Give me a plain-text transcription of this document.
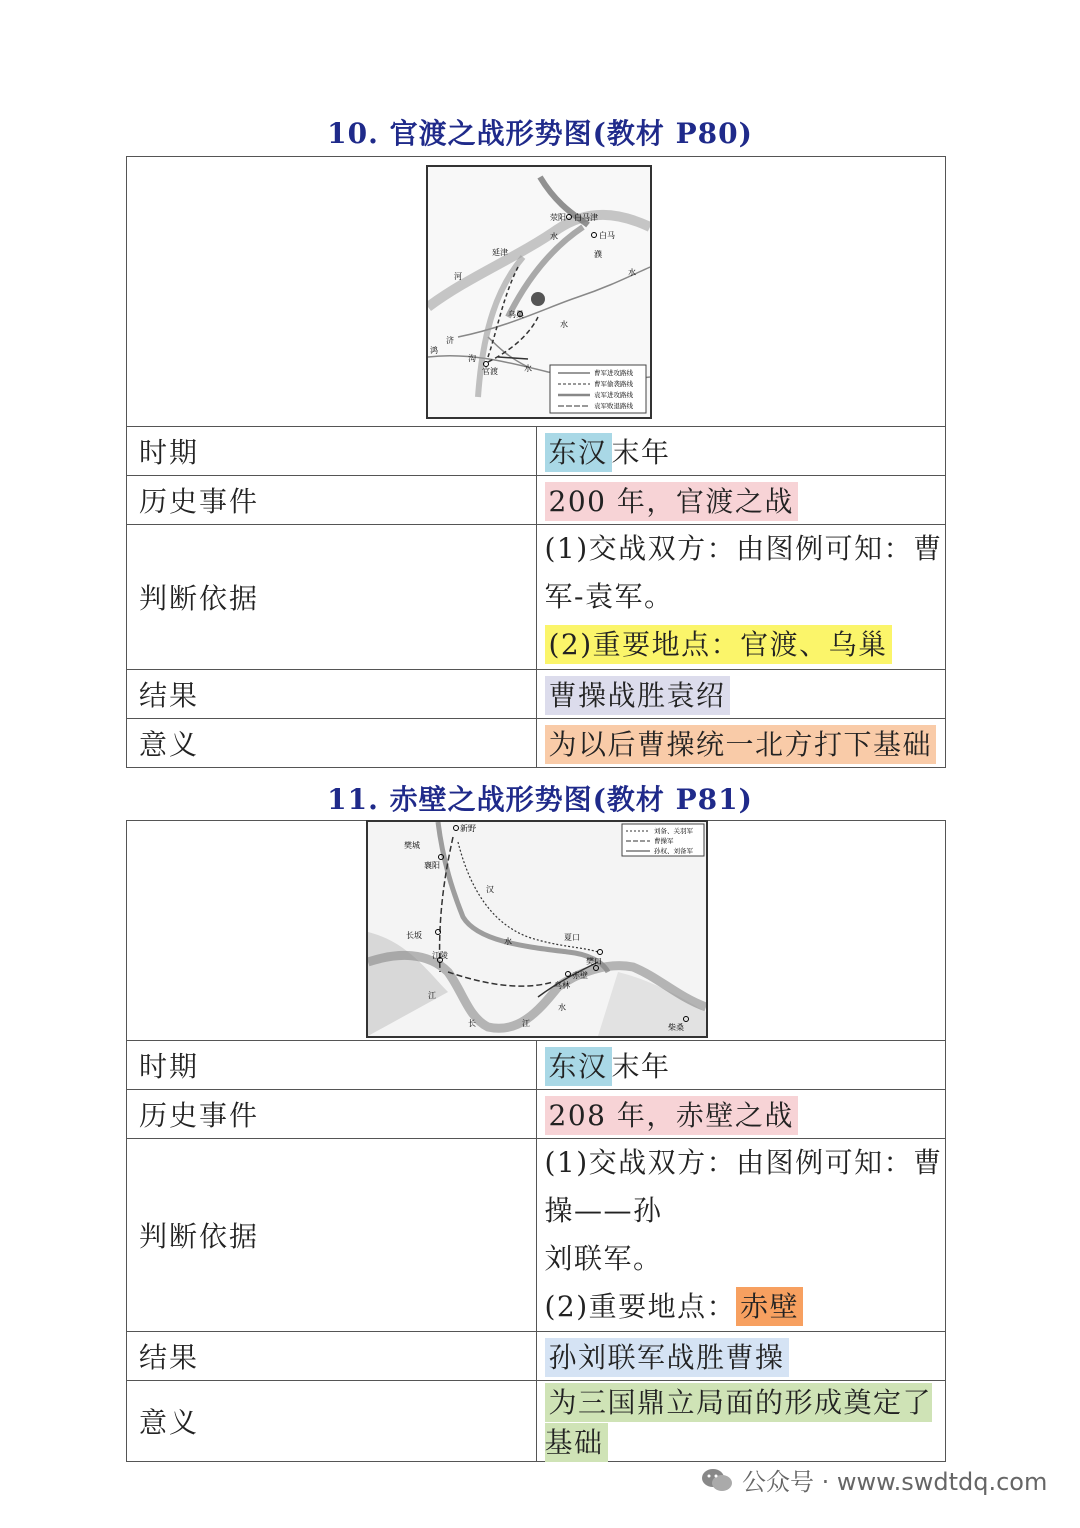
10. 官渡之战形势图(教材 P80)

时期	东汉 末年
历史事件	200 年，官渡之战
判断依据	(1)交战双方：由图例可知：曹军-袁军。
(2)重要地点：官渡、乌巢

结果	曹操战胜袁绍
意义	为以后曹操统一北方打下基础
荥阳 白马津
白马
延津
乌巢
官渡
水
河
濮
水
济
鸿
沟
水
水
曹军进攻路线
曹军偷袭路线
袁军进攻路线
袁军败退路线
11. 赤壁之战形势图(教材 P81)

时期	东汉 末年
历史事件	208 年，赤壁之战
判断依据	(1)交战双方：由图例可知：曹操——孙
刘联军。
(2)重要地点： 赤壁

结果	孙刘联军战胜曹操
意义	为三国鼎立局面的形成奠定了基础
新野
樊城
襄阳
长坂
江陵
夏口
樊口
赤壁
乌林
柴桑
汉
水
江
长	江
水
刘备、关羽军
曹操军
孙权、刘备军
公众号 · www.swdtdq.com
